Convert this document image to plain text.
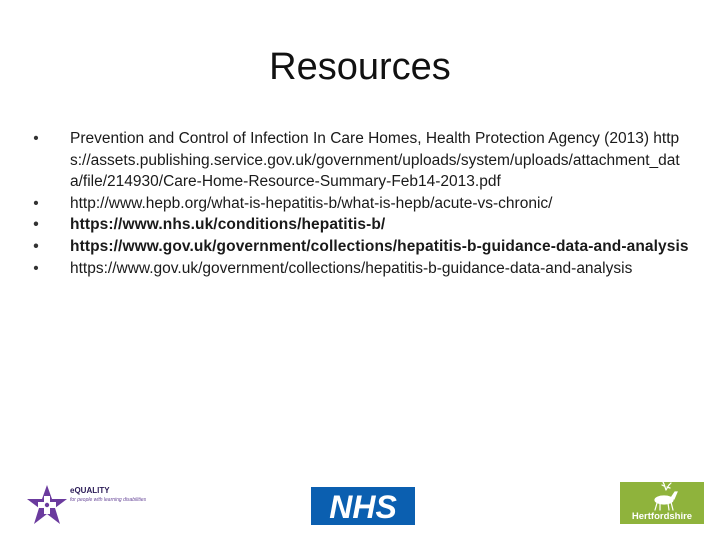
Resources
• Prevention and Control of Infection In Care Homes, Health Protection Agency (2013) https://assets.publishing.service.gov.uk/government/uploads/system/uploads/attachment_data/file/214930/Care-Home-Resource-Summary-Feb14-2013.pdf
• http://www.hepb.org/what-is-hepatitis-b/what-is-hepb/acute-vs-chronic/
• https://www.nhs.uk/conditions/hepatitis-b/
• https://www.gov.uk/government/collections/hepatitis-b-guidance-data-and-analysis
• https://www.gov.uk/government/collections/hepatitis-b-guidance-data-and-analysis
eQUALITY
for people with learning disabilities	NHS	Hertfordshire
